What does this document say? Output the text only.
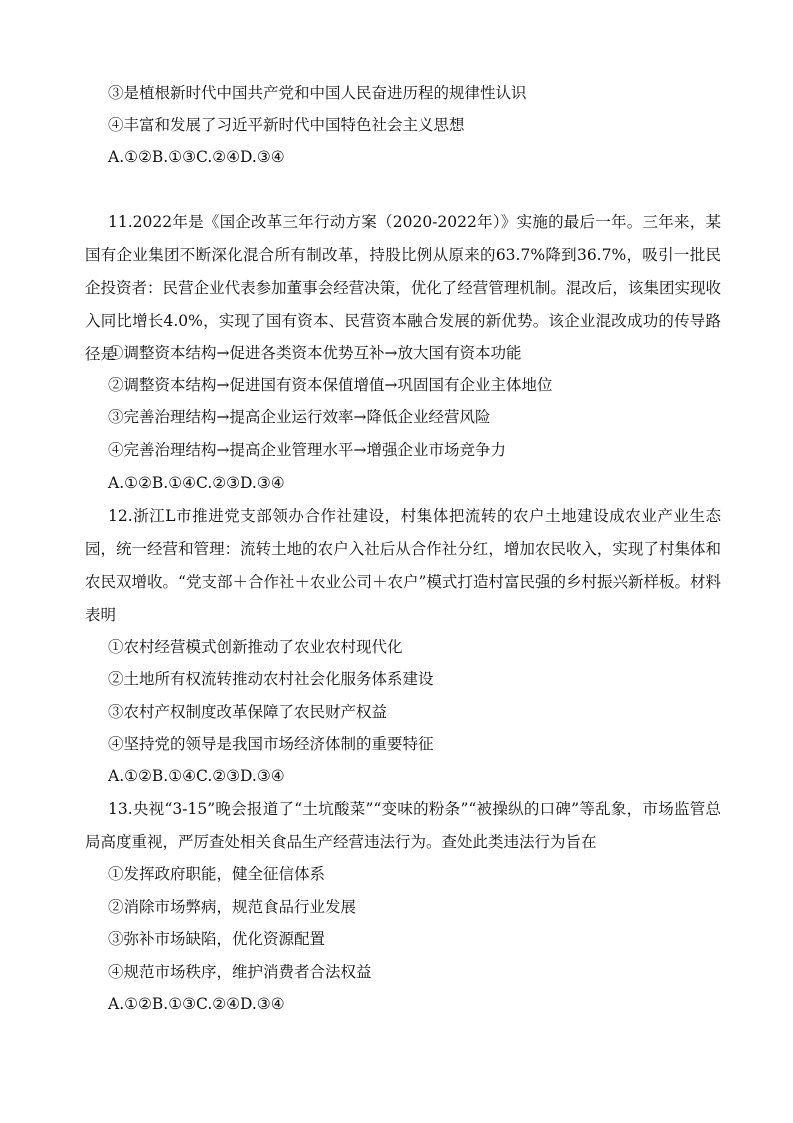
③是植根新时代中国共产党和中国人民奋进历程的规律性认识
④丰富和发展了习近平新时代中国特色社会主义思想
A.①②B.①③C.②④D.③④
11.2022年是《国企改革三年行动方案（2020-2022年）》实施的最后一年。三年来，某国有企业集团不断深化混合所有制改革，持股比例从原来的63.7%降到36.7%，吸引一批民企投资者：民营企业代表参加董事会经营决策，优化了经营管理机制。混改后，该集团实现收入同比增长4.0%，实现了国有资本、民营资本融合发展的新优势。该企业混改成功的传导路径是
①调整资本结构→促进各类资本优势互补→放大国有资本功能
②调整资本结构→促进国有资本保值增值→巩固国有企业主体地位
③完善治理结构→提高企业运行效率→降低企业经营风险
④完善治理结构→提高企业管理水平→增强企业市场竞争力
A.①②B.①④C.②③D.③④
12.浙江L市推进党支部领办合作社建设，村集体把流转的农户土地建设成农业产业生态园，统一经营和管理：流转土地的农户入社后从合作社分红，增加农民收入，实现了村集体和农民双增收。“党支部＋合作社＋农业公司＋农户”模式打造村富民强的乡村振兴新样板。材料表明
①农村经营模式创新推动了农业农村现代化
②土地所有权流转推动农村社会化服务体系建设
③农村产权制度改革保障了农民财产权益
④坚持党的领导是我国市场经济体制的重要特征
A.①②B.①④C.②③D.③④
13.央视“3-15”晚会报道了“土坑酸菜”“变味的粉条”“被操纵的口碑”等乱象，市场监管总局高度重视，严厉查处相关食品生产经营违法行为。查处此类违法行为旨在
①发挥政府职能，健全征信体系
②消除市场弊病，规范食品行业发展
③弥补市场缺陷，优化资源配置
④规范市场秩序，维护消费者合法权益
A.①②B.①③C.②④D.③④
